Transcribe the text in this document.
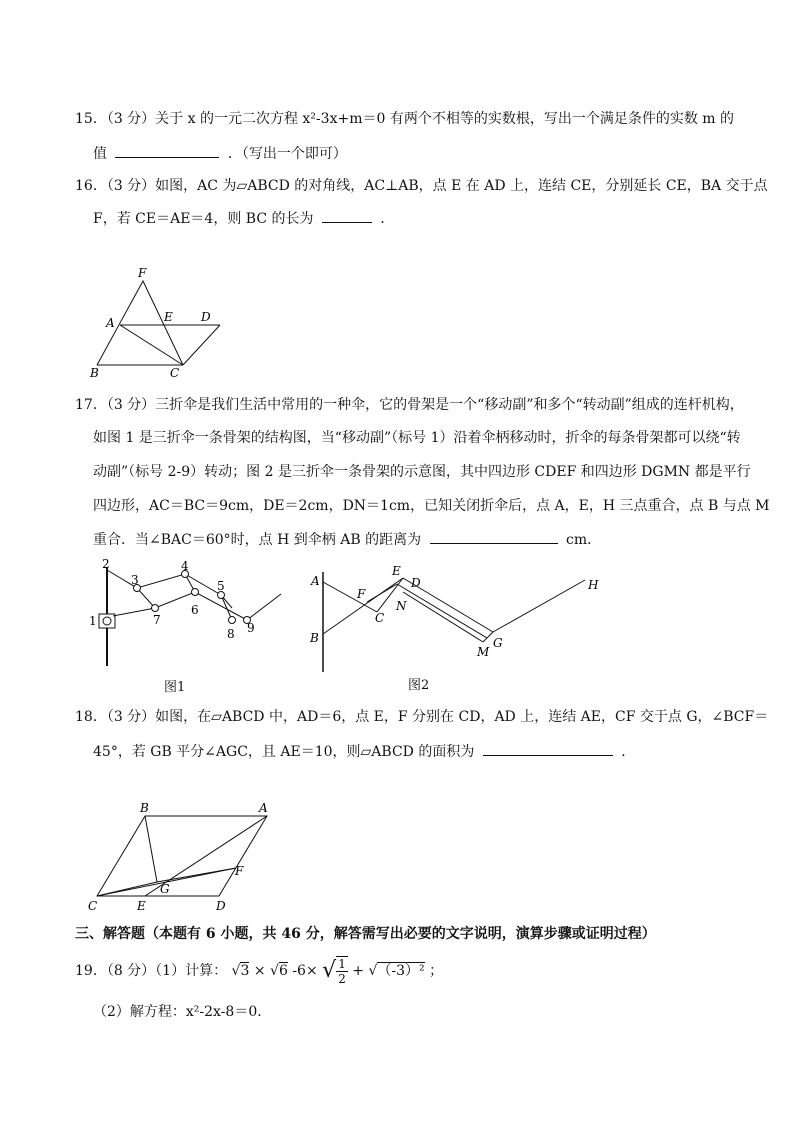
15．（3 分）关于 x 的一元二次方程 x²-3x+m＝0 有两个不相等的实数根，写出一个满足条件的实数 m 的
值	．（写出一个即可）
16．（3 分）如图，AC 为▱ABCD 的对角线，AC⊥AB，点 E 在 AD 上，连结 CE，分别延长 CE，BA 交于点
F，若 CE＝AE＝4，则 BC 的长为	．
F
A	E D
B	C
17．（3 分）三折伞是我们生活中常用的一种伞，它的骨架是一个“移动副”和多个“转动副”组成的连杆机构，
如图 1 是三折伞一条骨架的结构图，当“移动副”（标号 1）沿着伞柄移动时，折伞的每条骨架都可以绕“转
动副”（标号 2-9）转动；图 2 是三折伞一条骨架的示意图，其中四边形 CDEF 和四边形 DGMN 都是平行
四边形，AC＝BC＝9cm，DE＝2cm，DN＝1cm，已知关闭折伞后，点 A，E，H 三点重合，点 B 与点 M
重合．当∠BAC＝60°时，点 H 到伞柄 AB 的距离为	cm．
2
3
4
5
1	7
6
8 9
图1
A
E
D
F
N
C
H
B	G
M
图2
18．（3 分）如图，在▱ABCD 中，AD＝6，点 E，F 分别在 CD，AD 上，连结 AE，CF 交于点 G，∠BCF＝
45°，若 GB 平分∠AGC，且 AE＝10，则▱ABCD 的面积为	．
B	A
F
G
C	E	D
三、解答题（本题有 6 小题，共 46 分，解答需写出必要的文字说明，演算步骤或证明过程）
19．（8 分）（1）计算： √3 × √6 -6× √ $\frac{1}{2} + √(-3)^2$ ；
（2）解方程：x²-2x-8＝0．
